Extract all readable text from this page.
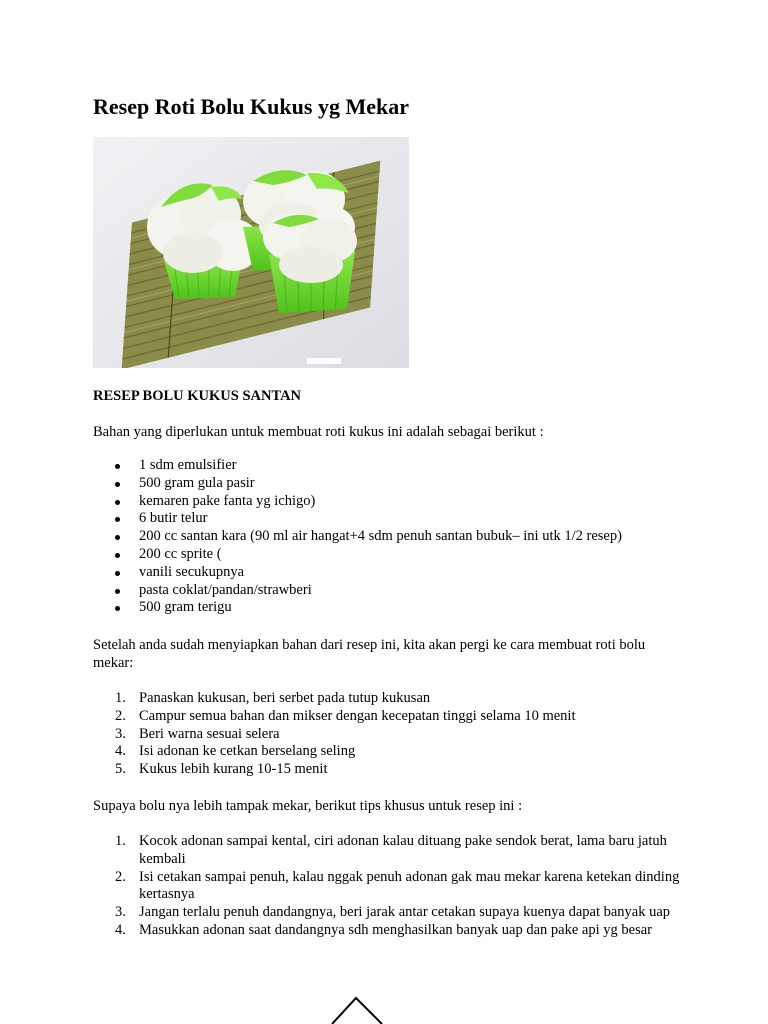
Resep Roti Bolu Kukus yg Mekar

RESEP BOLU KUKUS SANTAN

Bahan yang diperlukan untuk membuat roti kukus ini adalah sebagai berikut :

1 sdm emulsifier
500 gram gula pasir
kemaren pake fanta yg ichigo)
6 butir telur
200 cc santan kara (90 ml air hangat+4 sdm penuh santan bubuk– ini utk 1/2 resep)
200 cc sprite (
vanili secukupnya
pasta coklat/pandan/strawberi
500 gram terigu

Setelah anda sudah menyiapkan bahan dari resep ini, kita akan pergi ke cara membuat roti bolu mekar:

1. Panaskan kukusan, beri serbet pada tutup kukusan
2. Campur semua bahan dan mikser dengan kecepatan tinggi selama 10 menit
3. Beri warna sesuai selera
4. Isi adonan ke cetkan berselang seling
5. Kukus lebih kurang 10-15 menit

Supaya bolu nya lebih tampak mekar, berikut tips khusus untuk resep ini :

1. Kocok adonan sampai kental, ciri adonan kalau dituang pake sendok berat, lama baru jatuh kembali
2. Isi cetakan sampai penuh, kalau nggak penuh adonan gak mau mekar karena ketekan dinding kertasnya
3. Jangan terlalu penuh dandangnya, beri jarak antar cetakan supaya kuenya dapat banyak uap
4. Masukkan adonan saat dandangnya sdh menghasilkan banyak uap dan pake api yg besar
